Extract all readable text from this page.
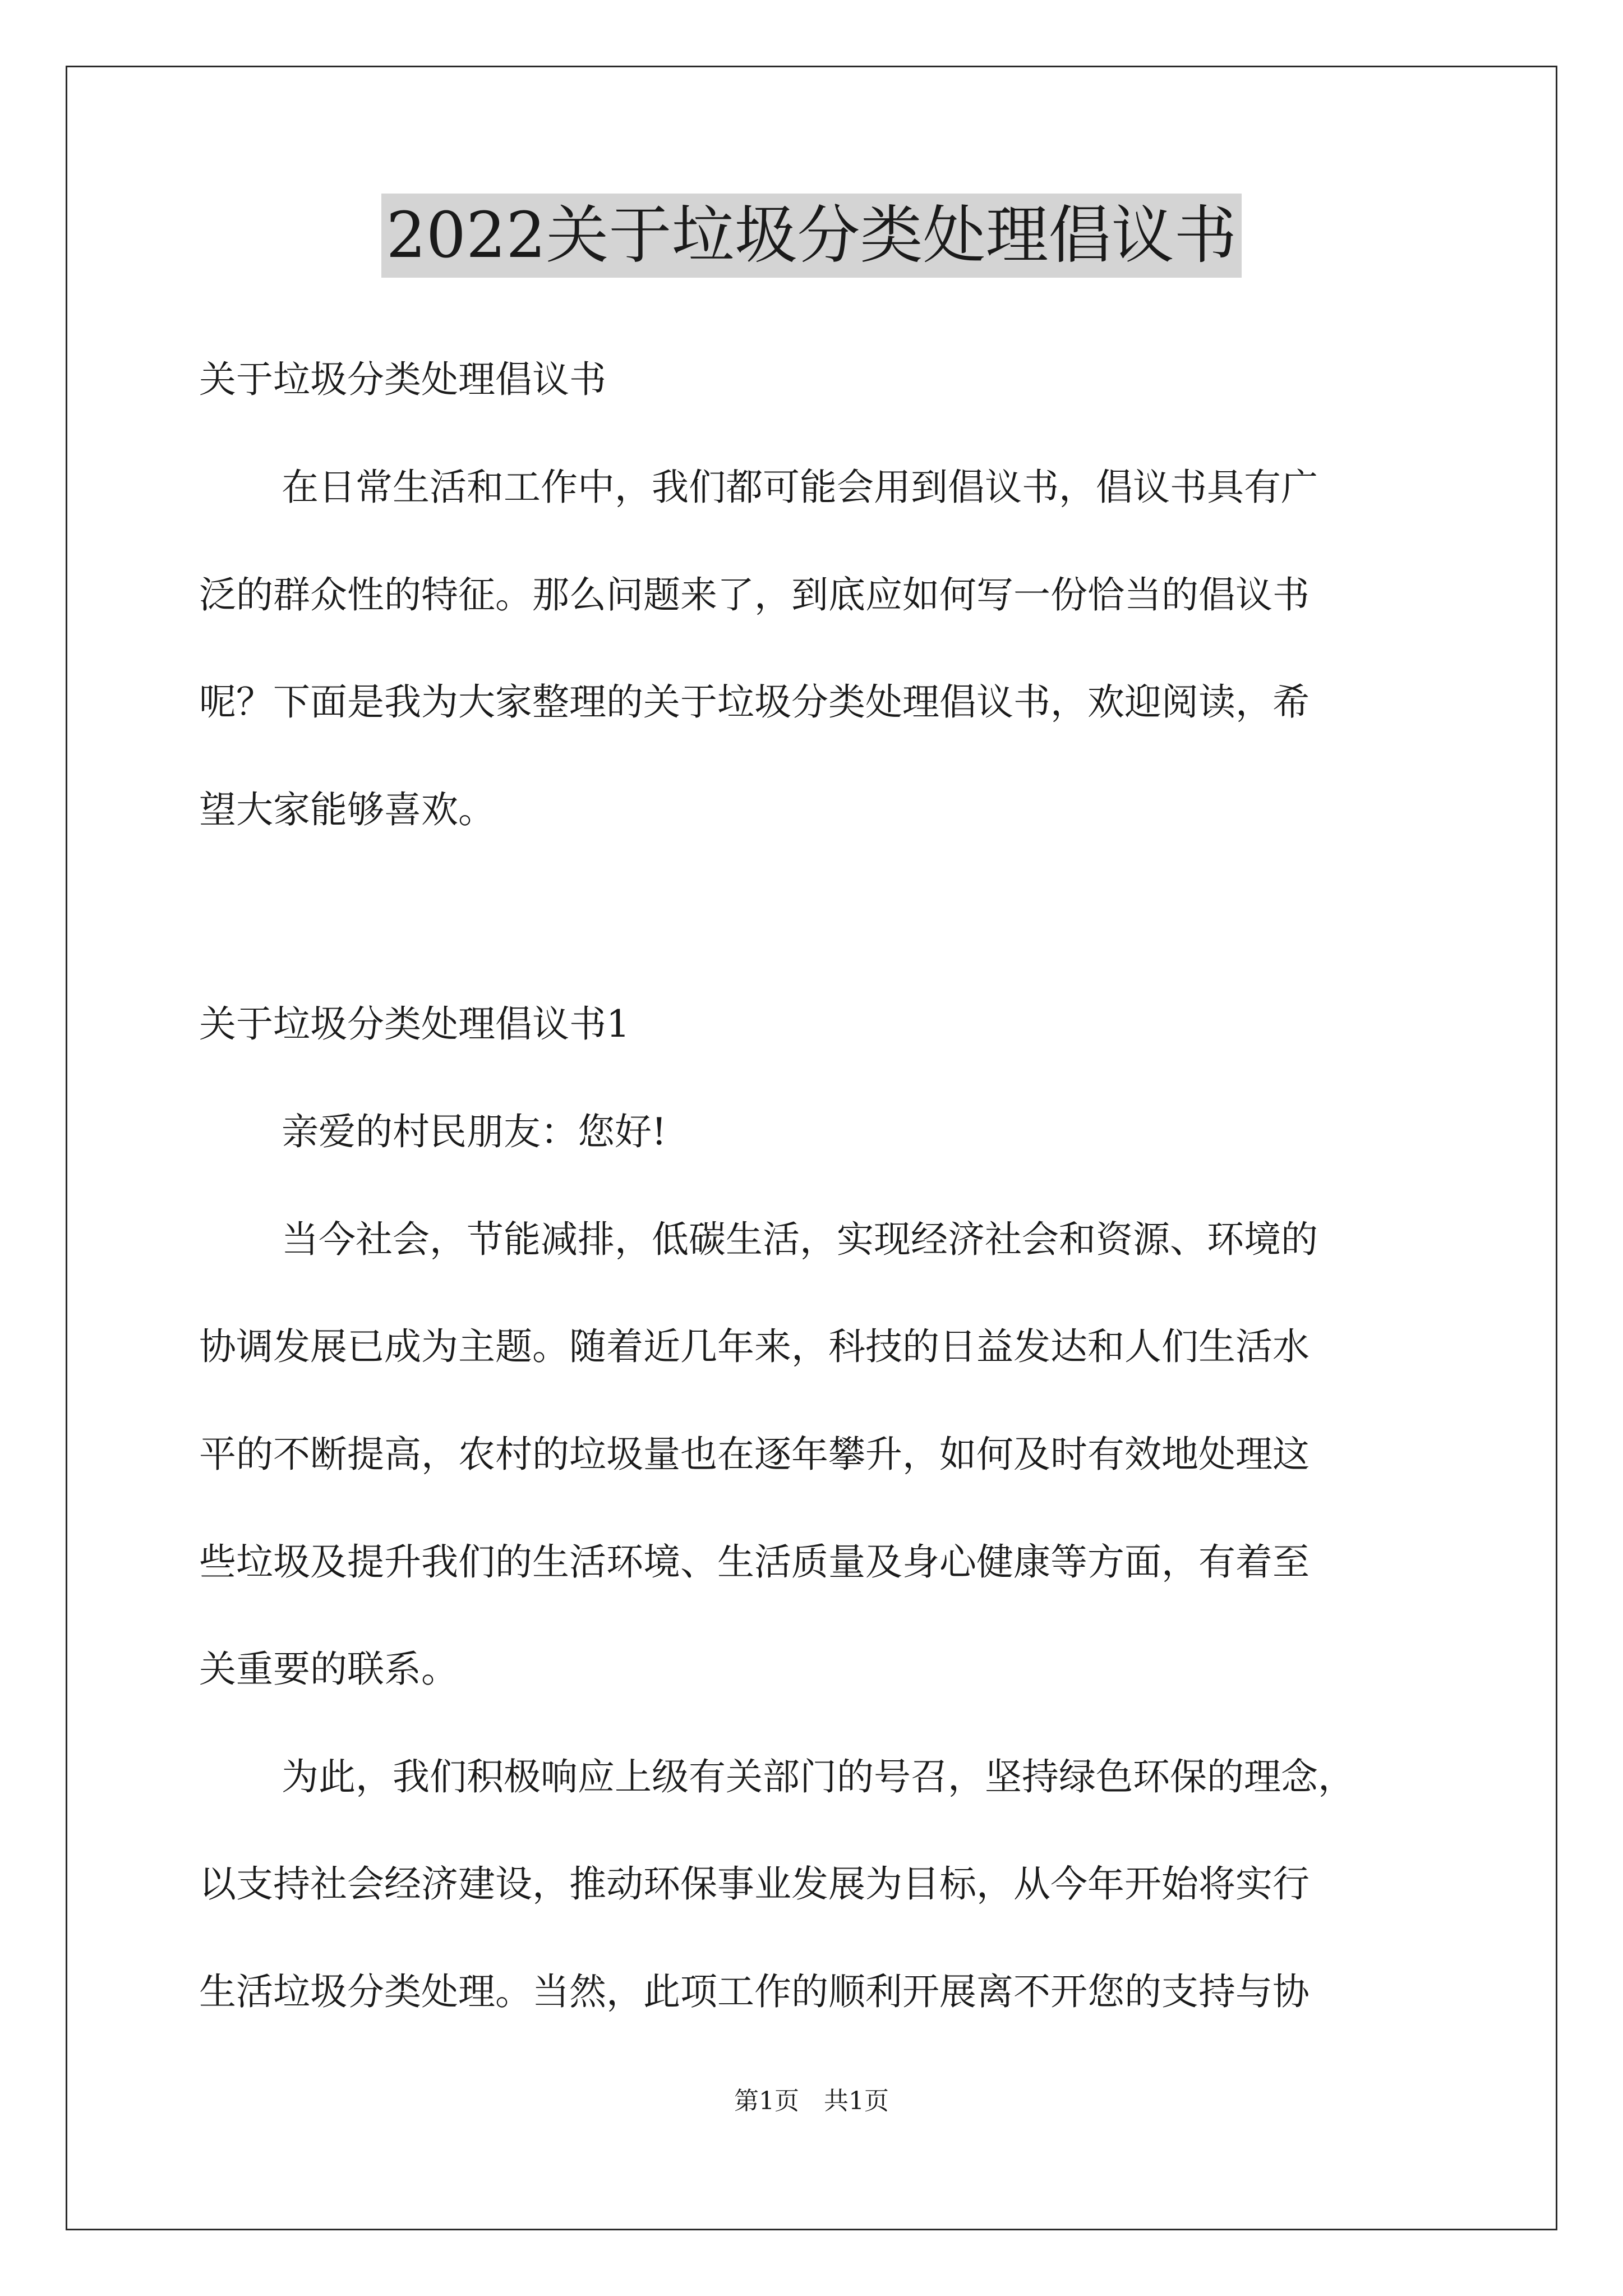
2022关于垃圾分类处理倡议书

关于垃圾分类处理倡议书

在日常生活和工作中，我们都可能会用到倡议书，倡议书具有广

泛的群众性的特征。那么问题来了，到底应如何写一份恰当的倡议书

呢？下面是我为大家整理的关于垃圾分类处理倡议书，欢迎阅读，希

望大家能够喜欢。

关于垃圾分类处理倡议书1

亲爱的村民朋友：您好!

当今社会，节能减排，低碳生活，实现经济社会和资源、环境的

协调发展已成为主题。随着近几年来，科技的日益发达和人们生活水

平的不断提高，农村的垃圾量也在逐年攀升，如何及时有效地处理这

些垃圾及提升我们的生活环境、生活质量及身心健康等方面，有着至

关重要的联系。

为此，我们积极响应上级有关部门的号召，坚持绿色环保的理念，

以支持社会经济建设，推动环保事业发展为目标，从今年开始将实行

生活垃圾分类处理。当然，此项工作的顺利开展离不开您的支持与协

第1页　共1页
